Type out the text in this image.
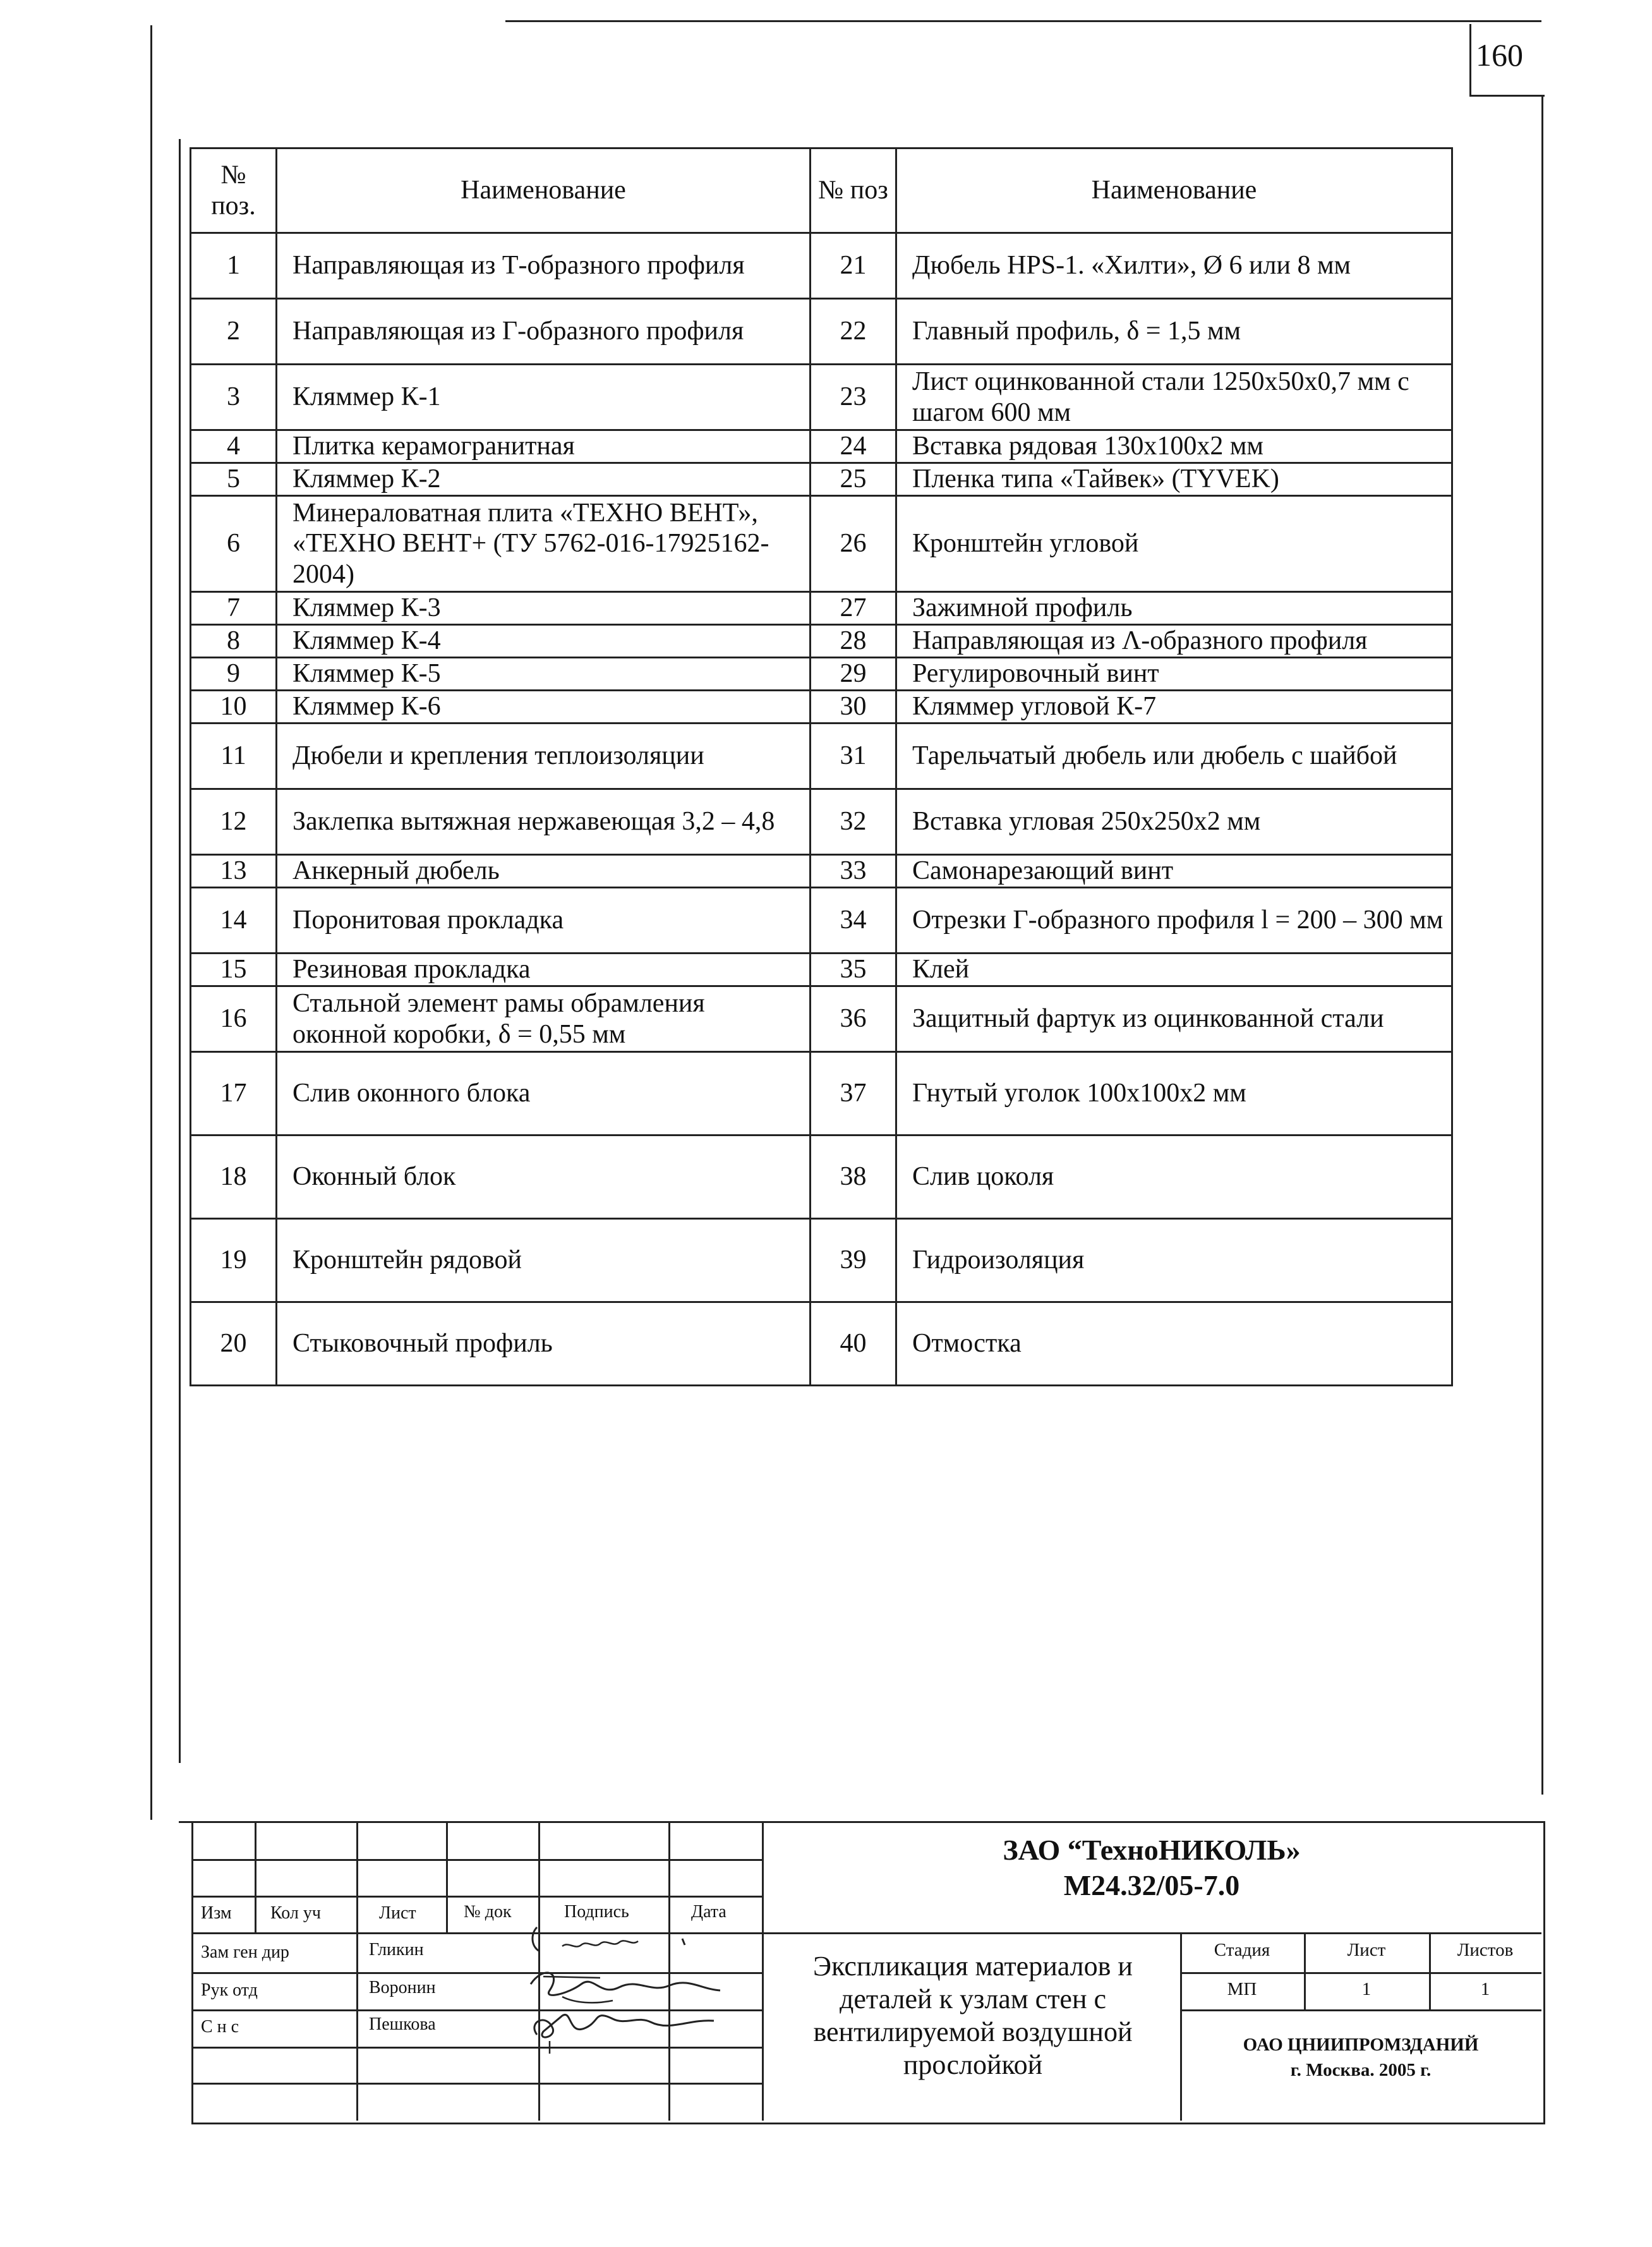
160
№ поз.	Наименование	№ поз	Наименование
1	Направляющая из Т-образного профиля	21	Дюбель HPS-1. «Хилти», Ø 6 или 8 мм
2	Направляющая из Г-образного профиля	22	Главный профиль, δ = 1,5 мм
3	Кляммер К-1	23	Лист оцинкованной стали 1250x50x0,7 мм с шагом 600 мм
4	Плитка керамогранитная	24	Вставка рядовая 130x100x2 мм
5	Кляммер К-2	25	Пленка типа «Тайвек» (TYVEK)
6	Минераловатная плита «ТЕХНО ВЕНТ», «ТЕХНО ВЕНТ+ (ТУ 5762-016-17925162-2004)	26	Кронштейн угловой
7	Кляммер К-3	27	Зажимной профиль
8	Кляммер К-4	28	Направляющая из Λ-образного профиля
9	Кляммер К-5	29	Регулировочный винт
10	Кляммер К-6	30	Кляммер угловой К-7
11	Дюбели и крепления теплоизоляции	31	Тарельчатый дюбель или дюбель с шайбой
12	Заклепка вытяжная нержавеющая 3,2 – 4,8	32	Вставка угловая 250x250x2 мм
13	Анкерный дюбель	33	Самонарезающий винт
14	Поронитовая прокладка	34	Отрезки Г-образного профиля l = 200 – 300 мм
15	Резиновая прокладка	35	Клей
16	Стальной элемент рамы обрамления оконной коробки, δ = 0,55 мм	36	Защитный фартук из оцинкованной стали
17	Слив оконного блока	37	Гнутый уголок 100x100x2 мм
18	Оконный блок	38	Слив цоколя
19	Кронштейн рядовой	39	Гидроизоляция
20	Стыковочный профиль	40	Отмостка
Изм Кол уч	Лист	№ док	Подпись	Дата
Зам ген дир	Гликин
Рук отд	Воронин
С н с	Пешкова
ЗАО “ТехноНИКОЛЬ»
М24.32/05-7.0
Экспликация материалов и деталей к узлам стен с вентилируемой воздушной прослойкой
Стадия	Лист	Листов
МП	1	1
ОАО ЦНИИПРОМЗДАНИЙ
г. Москва. 2005 г.
